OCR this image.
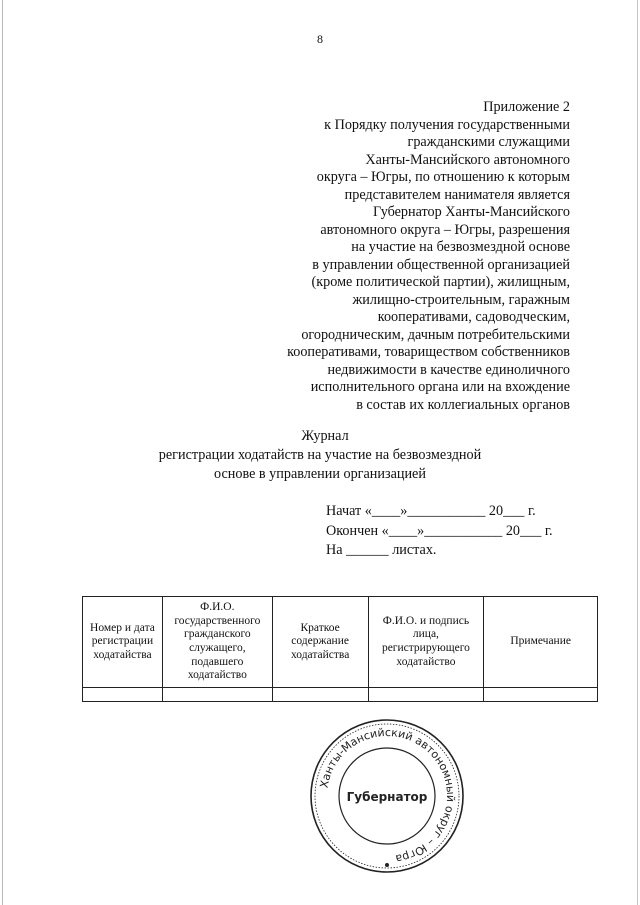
8
Приложение 2
к Порядку получения государственными
гражданскими служащими
Ханты-Мансийского автономного
округа – Югры, по отношению к которым
представителем нанимателя является
Губернатор Ханты-Мансийского
автономного округа – Югры, разрешения
на участие на безвозмездной основе
в управлении общественной организацией
(кроме политической партии), жилищным,
жилищно-строительным, гаражным
кооперативами, садоводческим,
огородническим, дачным потребительскими
кооперативами, товариществом собственников
недвижимости в качестве единоличного
исполнительного органа или на вхождение
в состав их коллегиальных органов
Журнал
регистрации ходатайств на участие на безвозмездной
основе в управлении организацией
Начат «____»___________ 20___ г.
Окончен «____»___________ 20___ г.
На ______ листах.
Номер и дата регистрации ходатайства	Ф.И.О. государственного гражданского служащего, подавшего ходатайство	Краткое содержание ходатайства	Ф.И.О. и подпись лица, регистрирующего ходатайство	Примечание

Ханты-Мансийский автономный округ – Югра
Губернатор
